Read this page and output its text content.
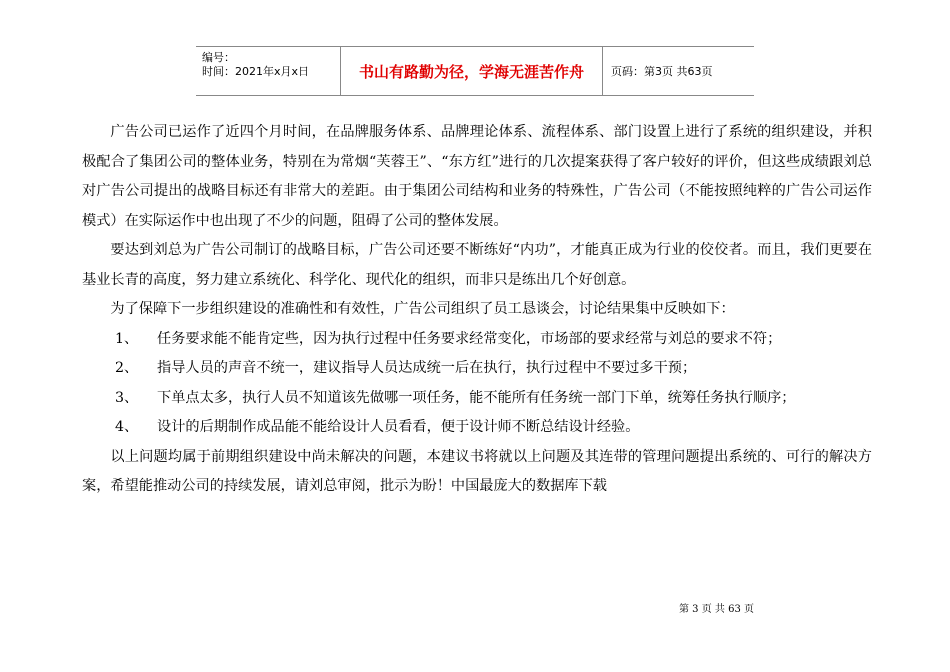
编号：
时间：2021年x月x日	书山有路勤为径，学海无涯苦作舟	页码：第3页 共63页

广告公司已运作了近四个月时间，在品牌服务体系、品牌理论体系、流程体系、部门设置上进行了系统的组织建设，并积极配合了集团公司的整体业务，特别在为常烟“芙蓉王”、“东方红”进行的几次提案获得了客户较好的评价，但这些成绩跟刘总对广告公司提出的战略目标还有非常大的差距。由于集团公司结构和业务的特殊性，广告公司（不能按照纯粹的广告公司运作模式）在实际运作中也出现了不少的问题，阻碍了公司的整体发展。

要达到刘总为广告公司制订的战略目标，广告公司还要不断练好“内功”，才能真正成为行业的佼佼者。而且，我们更要在基业长青的高度，努力建立系统化、科学化、现代化的组织，而非只是练出几个好创意。

为了保障下一步组织建设的准确性和有效性，广告公司组织了员工恳谈会，讨论结果集中反映如下：

1、	任务要求能不能肯定些，因为执行过程中任务要求经常变化，市场部的要求经常与刘总的要求不符；
2、	指导人员的声音不统一，建议指导人员达成统一后在执行，执行过程中不要过多干预；
3、	下单点太多，执行人员不知道该先做哪一项任务，能不能所有任务统一部门下单，统筹任务执行顺序；
4、	设计的后期制作成品能不能给设计人员看看，便于设计师不断总结设计经验。

以上问题均属于前期组织建设中尚未解决的问题，本建议书将就以上问题及其连带的管理问题提出系统的、可行的解决方案，希望能推动公司的持续发展，请刘总审阅，批示为盼！中国最庞大的数据库下载

第 3 页 共 63 页
